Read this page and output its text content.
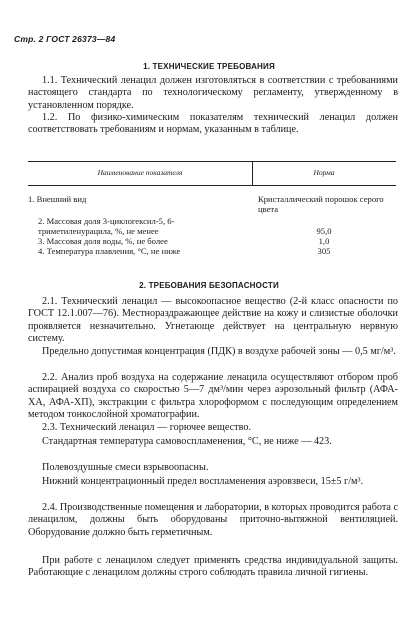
Стр. 2 ГОСТ 26373—84
1. ТЕХНИЧЕСКИЕ ТРЕБОВАНИЯ
1.1. Технический ленацил должен изготовляться в соответствии с требованиями настоящего стандарта по технологическому регламенту, утвержденному в установленном порядке.
1.2. По физико-химическим показателям технический ленацил должен соответствовать требованиям и нормам, указанным в таблице.
Наименование показателя	Норма
1. Внешний вид	Кристаллический порошок серого цвета
2. Массовая доля 3-циклогексил-5, 6-триметиленурацила, %, не менее	95,0
3. Массовая доля воды, %, не более	1,0
4. Температура плавления, °С, не ниже	305
2. ТРЕБОВАНИЯ БЕЗОПАСНОСТИ
2.1. Технический ленацил — высокоопасное вещество (2-й класс опасности по ГОСТ 12.1.007—76). Местнораздражающее действие на кожу и слизистые оболочки проявляется незначительно. Угнетающе действует на центральную нервную систему.
Предельно допустимая концентрация (ПДК) в воздухе рабочей зоны — 0,5 мг/м³.
2.2. Анализ проб воздуха на содержание ленацила осуществляют отбором проб аспирацией воздуха со скоростью 5—7 дм³/мин через аэрозольный фильтр (АФА-ХА, АФА-ХП), экстракции с фильтра хлороформом с последующим определением методом тонкослойной хроматографии.
2.3. Технический ленацил — горючее вещество.
Стандартная температура самовоспламенения, °С, не ниже — 423.
Полевоздушные смеси взрывоопасны.
Нижний концентрационный предел воспламенения аэровзвеси, 15±5 г/м³.
2.4. Производственные помещения и лаборатории, в которых проводится работа с ленацилом, должны быть оборудованы приточно-вытяжной вентиляцией. Оборудование должно быть герметичным.
При работе с ленацилом следует применять средства индивидуальной защиты. Работающие с ленацилом должны строго соблюдать правила личной гигиены.
